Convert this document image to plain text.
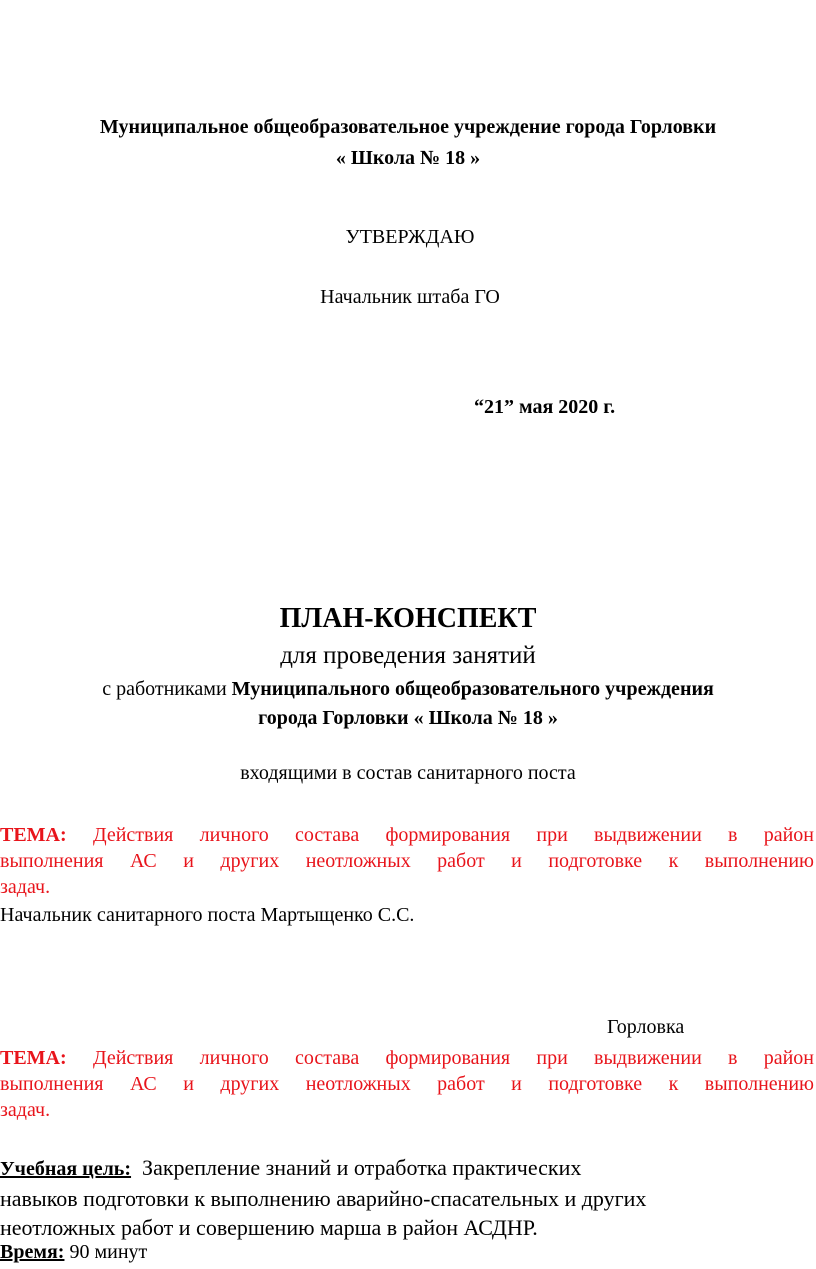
Муниципальное общеобразовательное учреждение города Горловки
« Школа № 18 »
УТВЕРЖДАЮ
Начальник штаба ГО
“21” мая 2020 г.
ПЛАН-КОНСПЕКТ
для проведения занятий
с работниками Муниципального общеобразовательного учреждения
города Горловки « Школа № 18 »
входящими в состав санитарного поста
ТЕМА: Действия личного состава формирования при выдвижении в район
выполнения АС и других неотложных работ и подготовке к выполнению
задач.
Начальник санитарного поста Мартыщенко С.С.
Горловка
ТЕМА: Действия личного состава формирования при выдвижении в район
выполнения АС и других неотложных работ и подготовке к выполнению
задач.
Учебная цель:  Закрепление знаний и отработка практических
навыков подготовки к выполнению аварийно-спасательных и других
неотложных работ и совершению марша в район АСДНР.
Время: 90 минут
